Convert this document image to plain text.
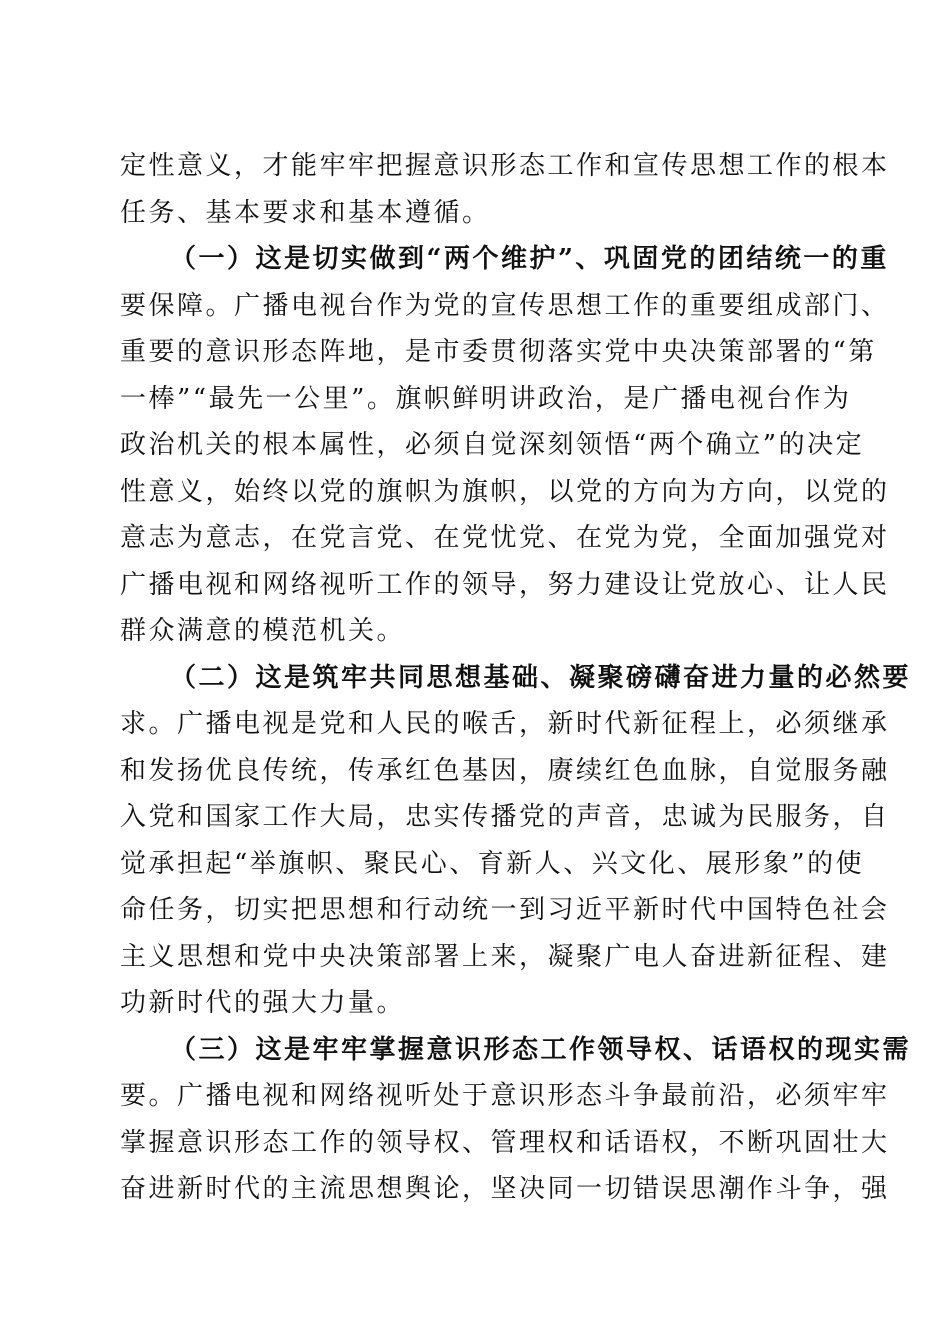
定性意义，才能牢牢把握意识形态工作和宣传思想工作的根本
任务、基本要求和基本遵循。
（一）这是切实做到“两个维护”、巩固党的团结统一的重
要保障。广播电视台作为党的宣传思想工作的重要组成部门、
重要的意识形态阵地，是市委贯彻落实党中央决策部署的“第
一棒”“最先一公里”。旗帜鲜明讲政治，是广播电视台作为
政治机关的根本属性，必须自觉深刻领悟“两个确立”的决定
性意义，始终以党的旗帜为旗帜，以党的方向为方向，以党的
意志为意志，在党言党、在党忧党、在党为党，全面加强党对
广播电视和网络视听工作的领导，努力建设让党放心、让人民
群众满意的模范机关。
（二）这是筑牢共同思想基础、凝聚磅礴奋进力量的必然要
求。广播电视是党和人民的喉舌，新时代新征程上，必须继承
和发扬优良传统，传承红色基因，赓续红色血脉，自觉服务融
入党和国家工作大局，忠实传播党的声音，忠诚为民服务，自
觉承担起“举旗帜、聚民心、育新人、兴文化、展形象”的使
命任务，切实把思想和行动统一到习近平新时代中国特色社会
主义思想和党中央决策部署上来，凝聚广电人奋进新征程、建
功新时代的强大力量。
（三）这是牢牢掌握意识形态工作领导权、话语权的现实需
要。广播电视和网络视听处于意识形态斗争最前沿，必须牢牢
掌握意识形态工作的领导权、管理权和话语权，不断巩固壮大
奋进新时代的主流思想舆论，坚决同一切错误思潮作斗争，强
